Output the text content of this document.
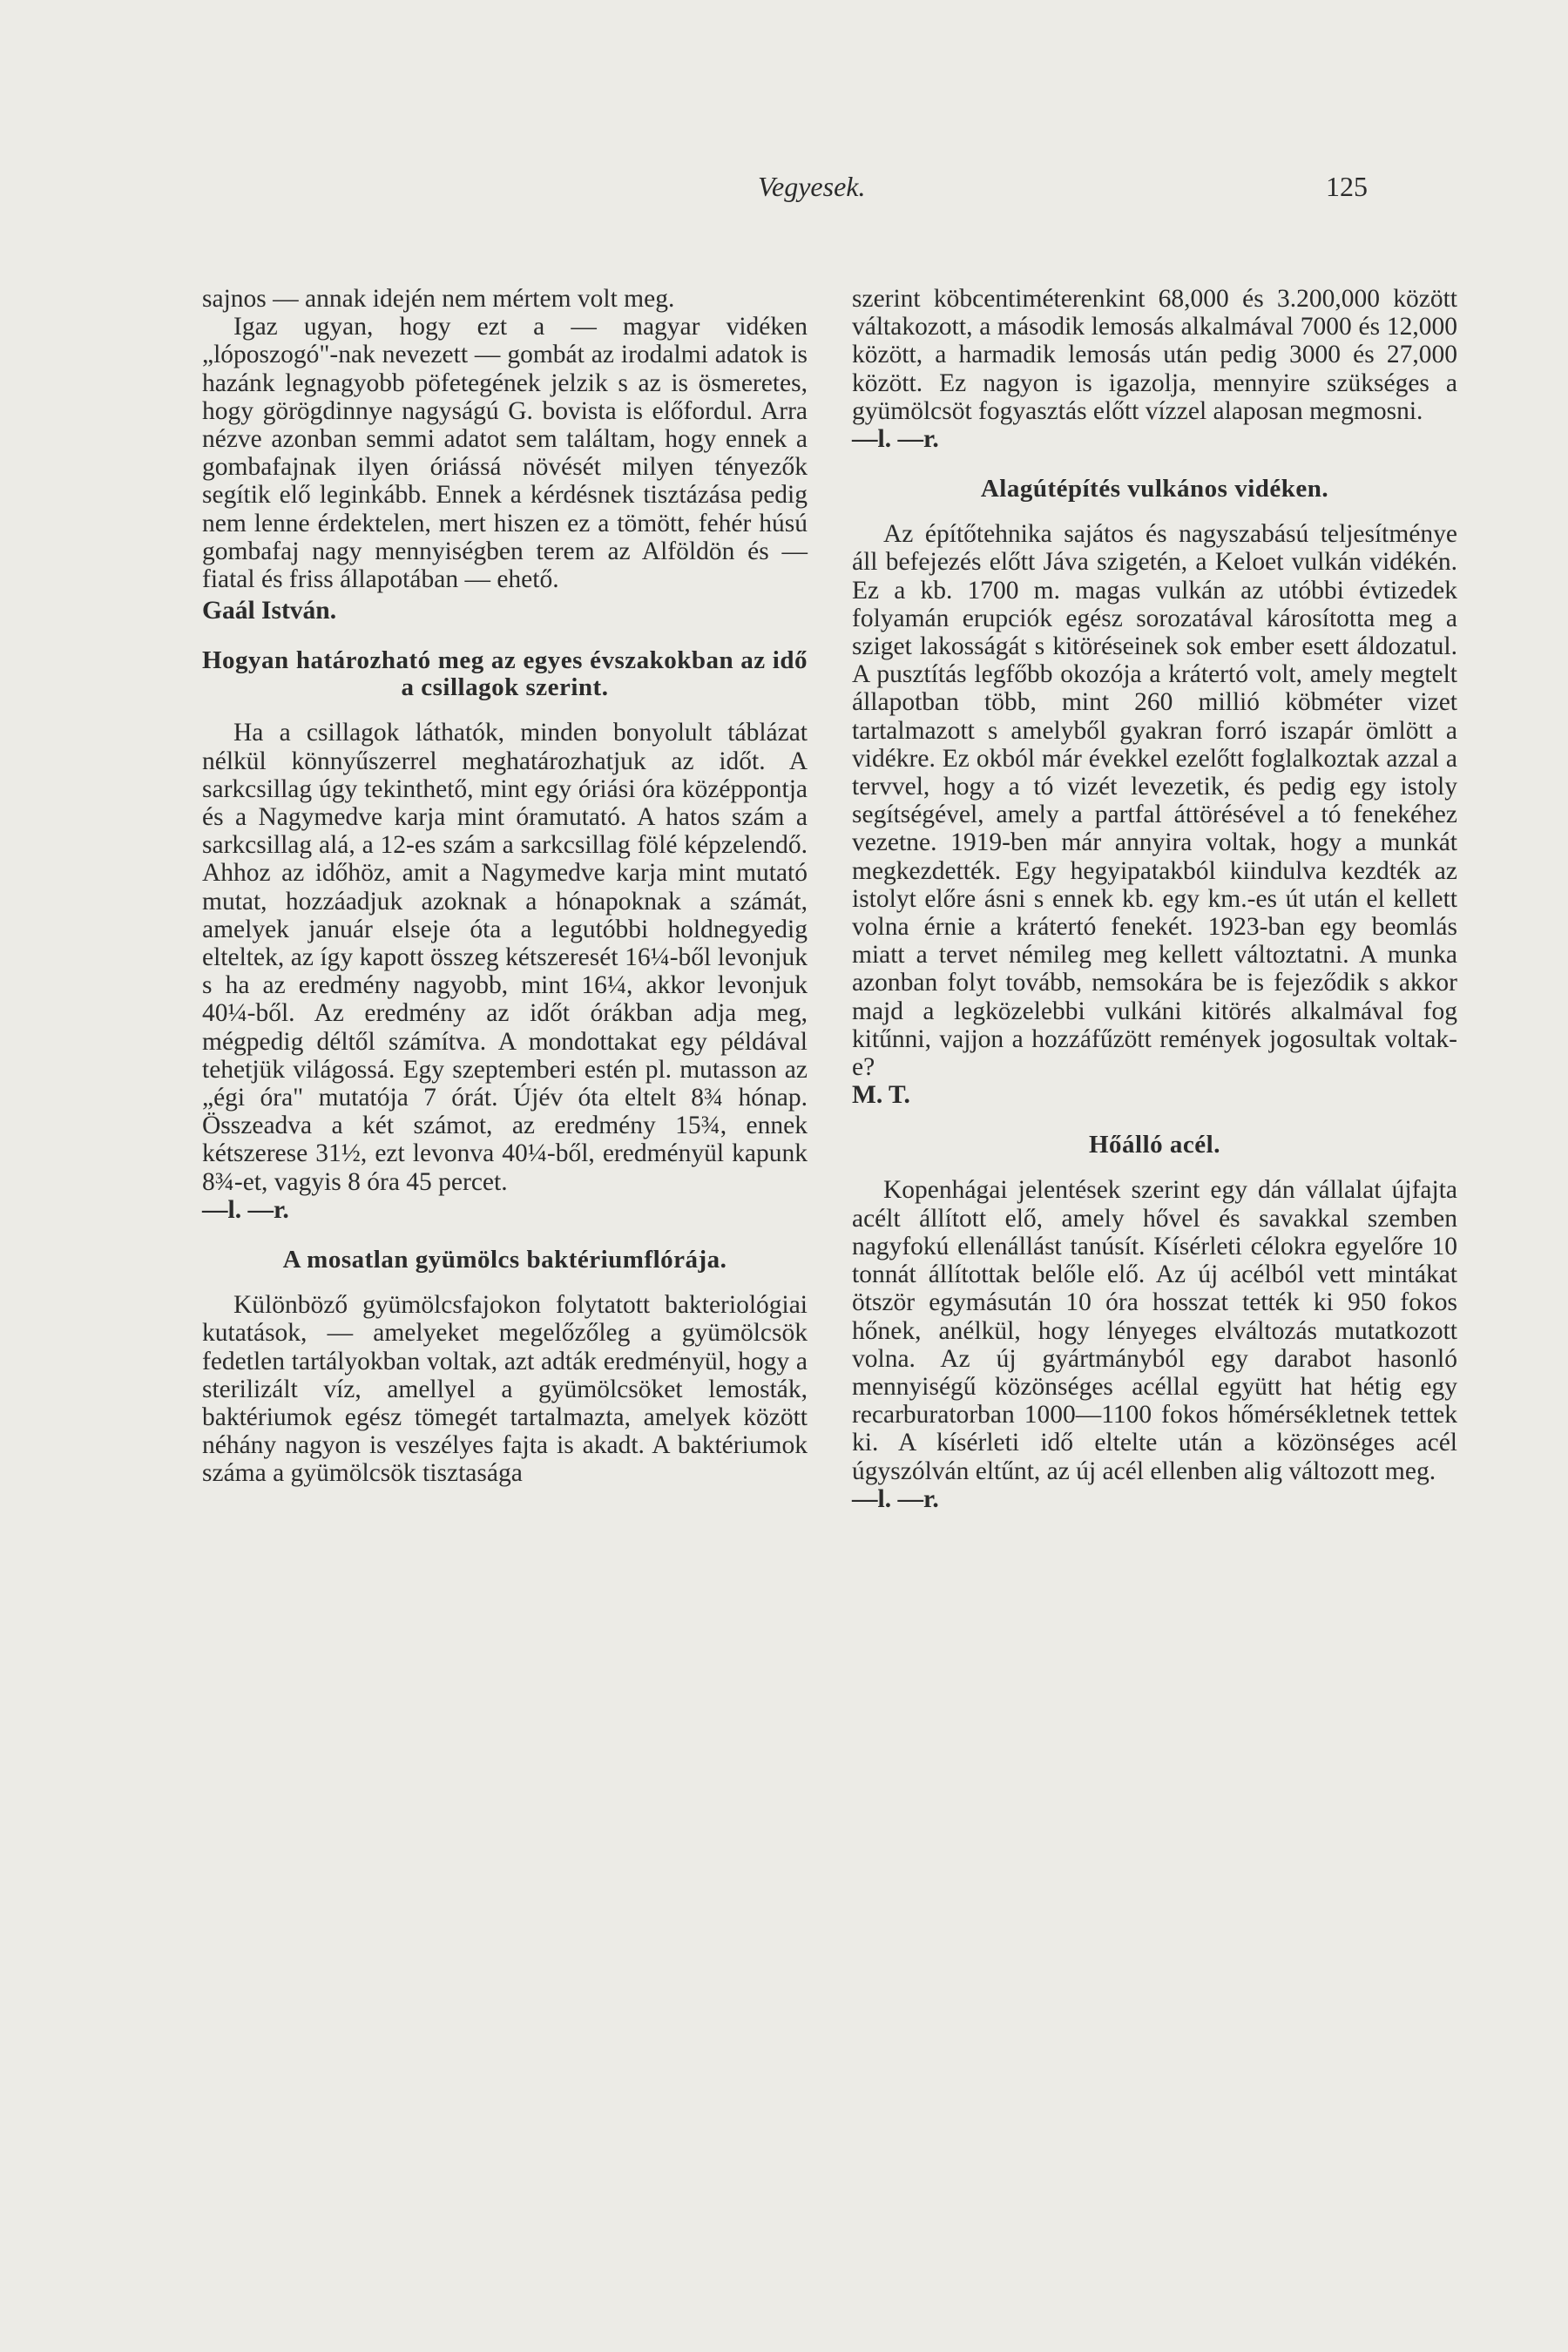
Vegyesek.	125

sajnos — annak idején nem mértem volt meg.

Igaz ugyan, hogy ezt a — magyar vidéken „lóposzogó"-nak nevezett — gombát az irodalmi adatok is hazánk legnagyobb pöfetegének jelzik s az is ösmeretes, hogy görögdinnye nagyságú G. bovista is előfordul. Arra nézve azonban semmi adatot sem találtam, hogy ennek a gombafajnak ilyen óriássá növését milyen tényezők segítik elő leginkább. Ennek a kérdésnek tisztázása pedig nem lenne érdektelen, mert hiszen ez a tömött, fehér húsú gombafaj nagy mennyiségben terem az Alföldön és — fiatal és friss állapotában — ehető.

Gaál István.

Hogyan határozható meg az egyes évszakokban az idő a csillagok szerint.

Ha a csillagok láthatók, minden bonyolult táblázat nélkül könnyűszerrel meghatározhatjuk az időt. A sarkcsillag úgy tekinthető, mint egy óriási óra középpontja és a Nagymedve karja mint óramutató. A hatos szám a sarkcsillag alá, a 12-es szám a sarkcsillag fölé képzelendő. Ahhoz az időhöz, amit a Nagymedve karja mint mutató mutat, hozzáadjuk azoknak a hónapoknak a számát, amelyek január elseje óta a legutóbbi holdnegyedig elteltek, az így kapott összeg kétszeresét 16¼-ből levonjuk s ha az eredmény nagyobb, mint 16¼, akkor levonjuk 40¼-ből. Az eredmény az időt órákban adja meg, mégpedig déltől számítva. A mondottakat egy példával tehetjük világossá. Egy szeptemberi estén pl. mutasson az „égi óra" mutatója 7 órát. Újév óta eltelt 8¾ hónap. Összeadva a két számot, az eredmény 15¾, ennek kétszerese 31½, ezt levonva 40¼-ből, eredményül kapunk 8¾-et, vagyis 8 óra 45 percet.

—l. —r.

A mosatlan gyümölcs baktériumflórája.

Különböző gyümölcsfajokon folytatott bakteriológiai kutatások, — amelyeket megelőzőleg a gyümölcsök fedetlen tartályokban voltak, azt adták eredményül, hogy a sterilizált víz, amellyel a gyümölcsöket lemosták, baktériumok egész tömegét tartalmazta, amelyek között néhány nagyon is veszélyes fajta is akadt. A baktériumok száma a gyümölcsök tisztasága

szerint köbcentiméterenkint 68,000 és 3.200,000 között váltakozott, a második lemosás alkalmával 7000 és 12,000 között, a harmadik lemosás után pedig 3000 és 27,000 között. Ez nagyon is igazolja, mennyire szükséges a gyümölcsöt fogyasztás előtt vízzel alaposan megmosni.

—l. —r.

Alagútépítés vulkános vidéken.

Az építőtehnika sajátos és nagyszabású teljesítménye áll befejezés előtt Jáva szigetén, a Keloet vulkán vidékén. Ez a kb. 1700 m. magas vulkán az utóbbi évtizedek folyamán erupciók egész sorozatával károsította meg a sziget lakosságát s kitöréseinek sok ember esett áldozatul. A pusztítás legfőbb okozója a krátertó volt, amely megtelt állapotban több, mint 260 millió köbméter vizet tartalmazott s amelyből gyakran forró iszapár ömlött a vidékre. Ez okból már évekkel ezelőtt foglalkoztak azzal a tervvel, hogy a tó vizét levezetik, és pedig egy istoly segítségével, amely a partfal áttörésével a tó fenekéhez vezetne. 1919-ben már annyira voltak, hogy a munkát megkezdették. Egy hegyipatakból kiindulva kezdték az istolyt előre ásni s ennek kb. egy km.-es út után el kellett volna érnie a krátertó fenekét. 1923-ban egy beomlás miatt a tervet némileg meg kellett változtatni. A munka azonban folyt tovább, nemsokára be is fejeződik s akkor majd a legközelebbi vulkáni kitörés alkalmával fog kitűnni, vajjon a hozzáfűzött remények jogosultak voltak-e?

M. T.

Hőálló acél.

Kopenhágai jelentések szerint egy dán vállalat újfajta acélt állított elő, amely hővel és savakkal szemben nagyfokú ellenállást tanúsít. Kísérleti célokra egyelőre 10 tonnát állítottak belőle elő. Az új acélból vett mintákat ötször egymásután 10 óra hosszat tették ki 950 fokos hőnek, anélkül, hogy lényeges elváltozás mutatkozott volna. Az új gyártmányból egy darabot hasonló mennyiségű közönséges acéllal együtt hat hétig egy recarburatorban 1000—1100 fokos hőmérsékletnek tettek ki. A kísérleti idő eltelte után a közönséges acél úgyszólván eltűnt, az új acél ellenben alig változott meg.

—l. —r.
